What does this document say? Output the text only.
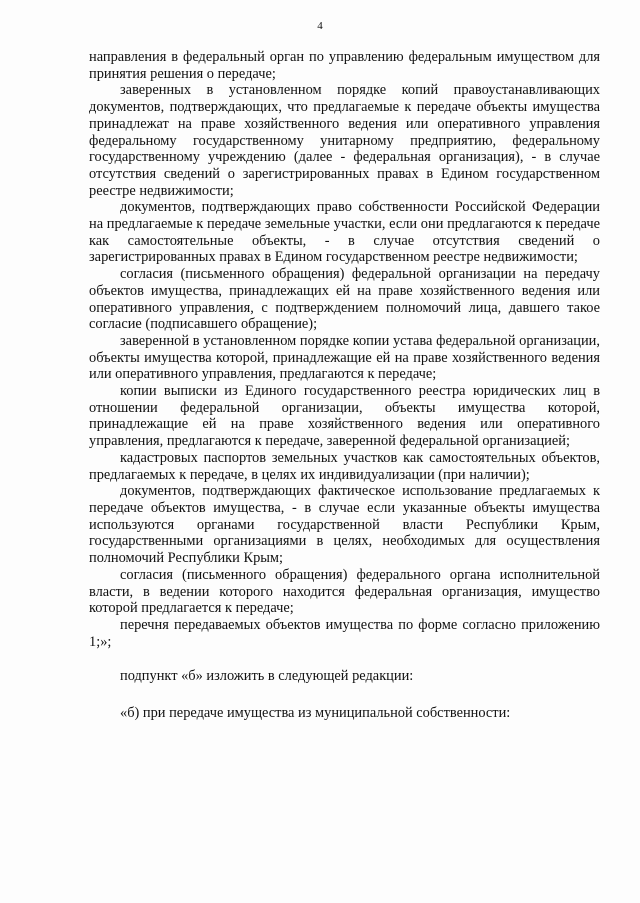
4

направления в федеральный орган по управлению федеральным имуществом для принятия решения о передаче;

заверенных в установленном порядке копий правоустанавливающих документов, подтверждающих, что предлагаемые к передаче объекты имущества принадлежат на праве хозяйственного ведения или оперативного управления федеральному государственному унитарному предприятию, федеральному государственному учреждению (далее - федеральная организация), - в случае отсутствия сведений о зарегистрированных правах в Едином государственном реестре недвижимости;

документов, подтверждающих право собственности Российской Федерации на предлагаемые к передаче земельные участки, если они предлагаются к передаче как самостоятельные объекты, - в случае отсутствия сведений о зарегистрированных правах в Едином государственном реестре недвижимости;

согласия (письменного обращения) федеральной организации на передачу объектов имущества, принадлежащих ей на праве хозяйственного ведения или оперативного управления, с подтверждением полномочий лица, давшего такое согласие (подписавшего обращение);

заверенной в установленном порядке копии устава федеральной организации, объекты имущества которой, принадлежащие ей на праве хозяйственного ведения или оперативного управления, предлагаются к передаче;

копии выписки из Единого государственного реестра юридических лиц в отношении федеральной организации, объекты имущества которой, принадлежащие ей на праве хозяйственного ведения или оперативного управления, предлагаются к передаче, заверенной федеральной организацией;

кадастровых паспортов земельных участков как самостоятельных объектов, предлагаемых к передаче, в целях их индивидуализации (при наличии);

документов, подтверждающих фактическое использование предлагаемых к передаче объектов имущества, - в случае если указанные объекты имущества используются органами государственной власти Республики Крым, государственными организациями в целях, необходимых для осуществления полномочий Республики Крым;

согласия (письменного обращения) федерального органа исполнительной власти, в ведении которого находится федеральная организация, имущество которой предлагается к передаче;

перечня передаваемых объектов имущества по форме согласно приложению 1;»;

подпункт «б» изложить в следующей редакции:

«б) при передаче имущества из муниципальной собственности:
